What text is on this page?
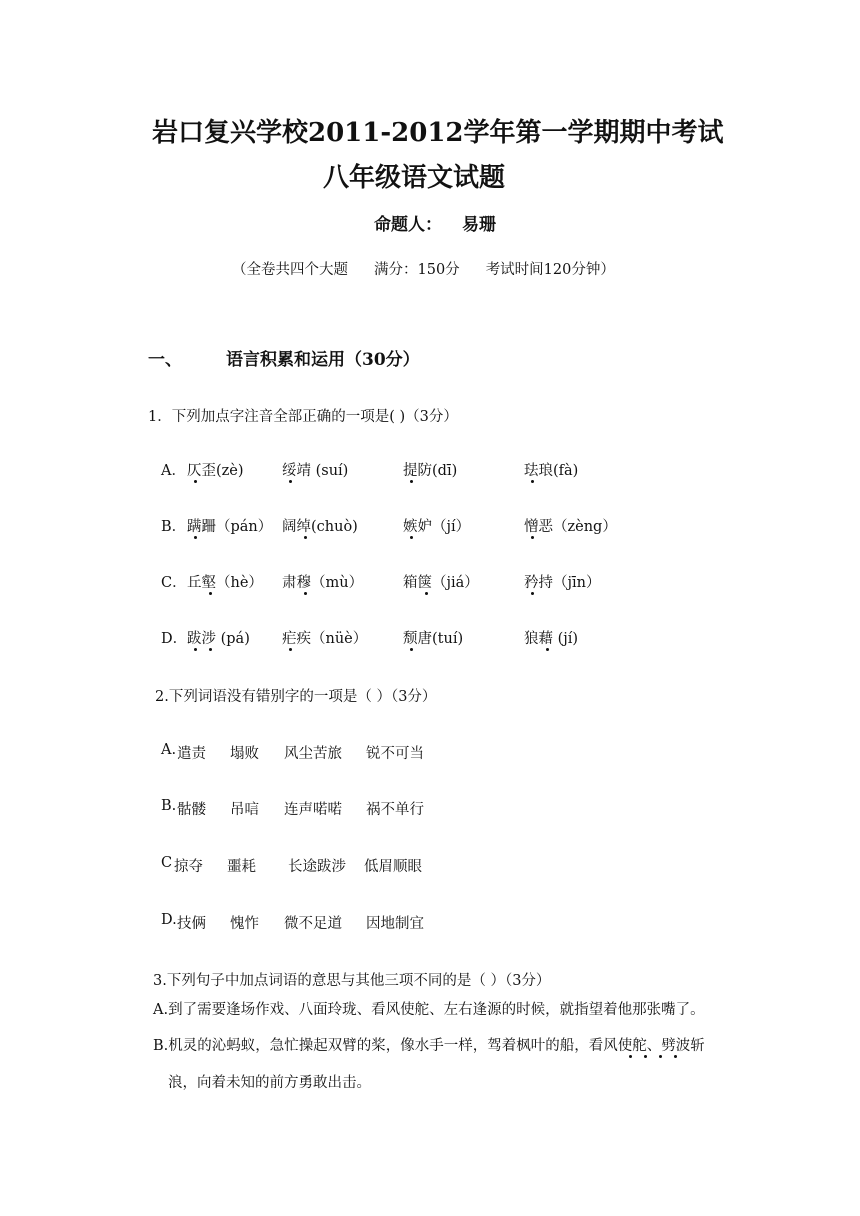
岩口复兴学校2011-2012学年第一学期期中考试
八年级语文试题
命题人： 易珊
（全卷共四个大题 满分：150分 考试时间120分钟）
一、	语言积累和运用（30分）
1．下列加点字注音全部正确的一项是( )（3分）
A． 仄歪(zè)	绥靖 (suí)	提防(dī)	珐琅(fà)
B． 蹒跚（pán） 阔绰(chuò)	嫉妒（jí）	憎恶（zèng）
C． 丘壑（hè） 肃穆（mù）	箱箧（jiá）	矜持（jīn）
D． 跋涉 (pá) 疟疾（nüè） 颓唐(tuí)	狼藉 (jí)
2.下列词语没有错别字的一项是（ ）（3分）
A. 遣责 塌败 风尘苦旅 锐不可当
B. 骷髅 吊唁 连声喏喏 祸不单行
C 掠夺 噩耗 长途跋涉 低眉顺眼
D. 技俩 愧怍 微不足道 因地制宜
3.下列句子中加点词语的意思与其他三项不同的是（ ）（3分）
A.到了需要逢场作戏、八面玲珑、看风使舵、左右逢源的时候，就指望着他那张嘴了。
B.机灵的沁蚂蚁，急忙操起双臂的桨，像水手一样，驾着枫叶的船，看风使舵、劈波斩
浪，向着未知的前方勇敢出击。
